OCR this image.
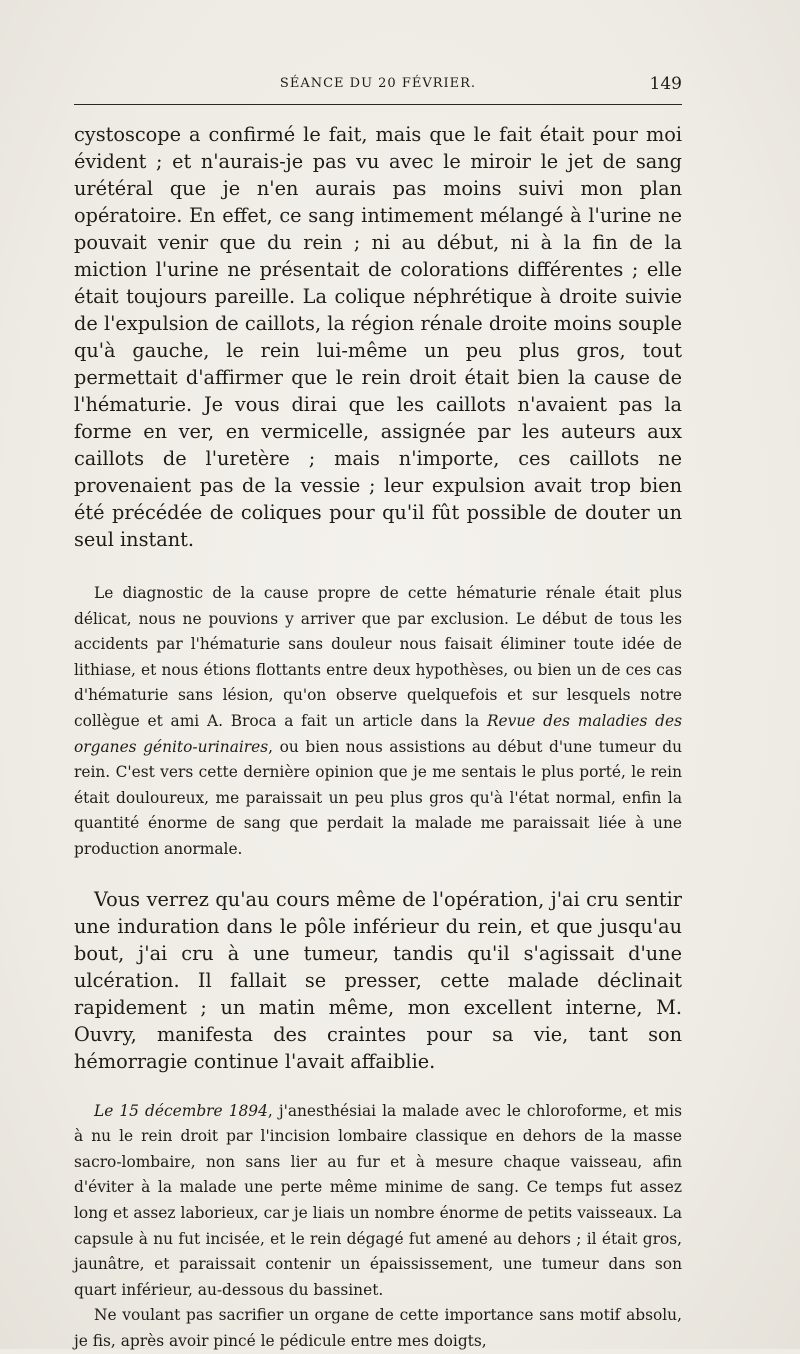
SÉANCE DU 20 FÉVRIER.	149

cystoscope a confirmé le fait, mais que le fait était pour moi évident ; et n'aurais-je pas vu avec le miroir le jet de sang urétéral que je n'en aurais pas moins suivi mon plan opératoire. En effet, ce sang intimement mélangé à l'urine ne pouvait venir que du rein ; ni au début, ni à la fin de la miction l'urine ne présentait de colorations différentes ; elle était toujours pareille. La colique néphrétique à droite suivie de l'expulsion de caillots, la région rénale droite moins souple qu'à gauche, le rein lui-même un peu plus gros, tout permettait d'affirmer que le rein droit était bien la cause de l'hématurie. Je vous dirai que les caillots n'avaient pas la forme en ver, en vermicelle, assignée par les auteurs aux caillots de l'uretère ; mais n'importe, ces caillots ne provenaient pas de la vessie ; leur expulsion avait trop bien été précédée de coliques pour qu'il fût possible de douter un seul instant.

Le diagnostic de la cause propre de cette hématurie rénale était plus délicat, nous ne pouvions y arriver que par exclusion. Le début de tous les accidents par l'hématurie sans douleur nous faisait éliminer toute idée de lithiase, et nous étions flottants entre deux hypothèses, ou bien un de ces cas d'hématurie sans lésion, qu'on observe quelquefois et sur lesquels notre collègue et ami A. Broca a fait un article dans la Revue des maladies des organes génito-urinaires, ou bien nous assistions au début d'une tumeur du rein. C'est vers cette dernière opinion que je me sentais le plus porté, le rein était douloureux, me paraissait un peu plus gros qu'à l'état normal, enfin la quantité énorme de sang que perdait la malade me paraissait liée à une production anormale.

Vous verrez qu'au cours même de l'opération, j'ai cru sentir une induration dans le pôle inférieur du rein, et que jusqu'au bout, j'ai cru à une tumeur, tandis qu'il s'agissait d'une ulcération. Il fallait se presser, cette malade déclinait rapidement ; un matin même, mon excellent interne, M. Ouvry, manifesta des craintes pour sa vie, tant son hémorragie continue l'avait affaiblie.

Le 15 décembre 1894, j'anesthésiai la malade avec le chloroforme, et mis à nu le rein droit par l'incision lombaire classique en dehors de la masse sacro-lombaire, non sans lier au fur et à mesure chaque vaisseau, afin d'éviter à la malade une perte même minime de sang. Ce temps fut assez long et assez laborieux, car je liais un nombre énorme de petits vaisseaux. La capsule à nu fut incisée, et le rein dégagé fut amené au dehors ; il était gros, jaunâtre, et paraissait contenir un épaississement, une tumeur dans son quart inférieur, au-dessous du bassinet.

Ne voulant pas sacrifier un organe de cette importance sans motif absolu, je fis, après avoir pincé le pédicule entre mes doigts,
